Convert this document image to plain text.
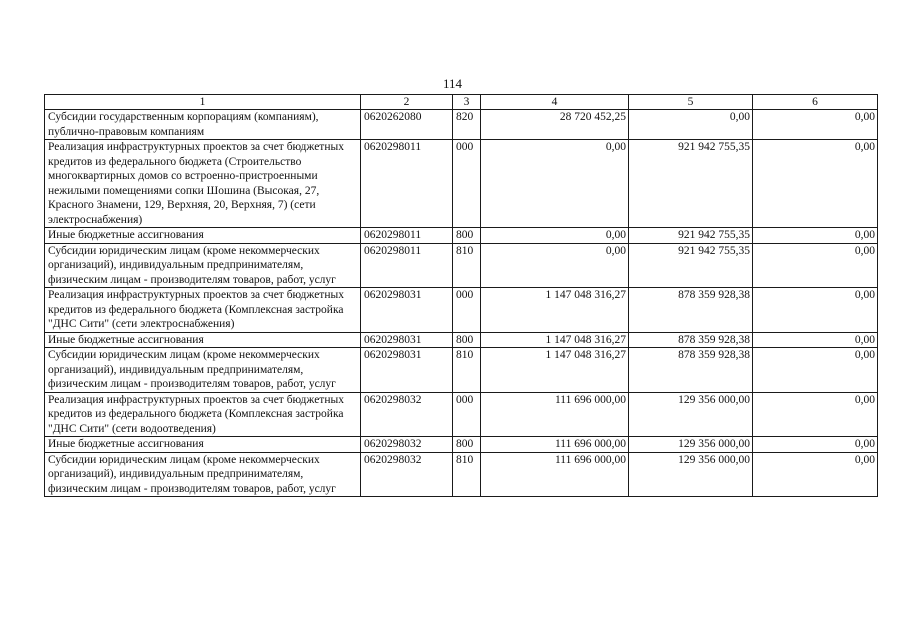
114
1	2	3	4	5	6
Субсидии государственным корпорациям (компаниям), публично-правовым компаниям	0620262080	820	28 720 452,25	0,00	0,00
Реализация инфраструктурных проектов за счет бюджетных кредитов из федерального бюджета (Строительство многоквартирных домов со встроенно-пристроенными нежилыми помещениями сопки Шошина (Высокая, 27, Красного Знамени, 129, Верхняя, 20, Верхняя, 7) (сети электроснабжения)	0620298011	000	0,00	921 942 755,35	0,00
Иные бюджетные ассигнования	0620298011	800	0,00	921 942 755,35	0,00
Субсидии юридическим лицам (кроме некоммерческих организаций), индивидуальным предпринимателям, физическим лицам - производителям товаров, работ, услуг	0620298011	810	0,00	921 942 755,35	0,00
Реализация инфраструктурных проектов за счет бюджетных кредитов из федерального бюджета (Комплексная застройка "ДНС Сити" (сети электроснабжения)	0620298031	000	1 147 048 316,27	878 359 928,38	0,00
Иные бюджетные ассигнования	0620298031	800	1 147 048 316,27	878 359 928,38	0,00
Субсидии юридическим лицам (кроме некоммерческих организаций), индивидуальным предпринимателям, физическим лицам - производителям товаров, работ, услуг	0620298031	810	1 147 048 316,27	878 359 928,38	0,00
Реализация инфраструктурных проектов за счет бюджетных кредитов из федерального бюджета (Комплексная застройка "ДНС Сити" (сети водоотведения)	0620298032	000	111 696 000,00	129 356 000,00	0,00
Иные бюджетные ассигнования	0620298032	800	111 696 000,00	129 356 000,00	0,00
Субсидии юридическим лицам (кроме некоммерческих организаций), индивидуальным предпринимателям, физическим лицам - производителям товаров, работ, услуг	0620298032	810	111 696 000,00	129 356 000,00	0,00
